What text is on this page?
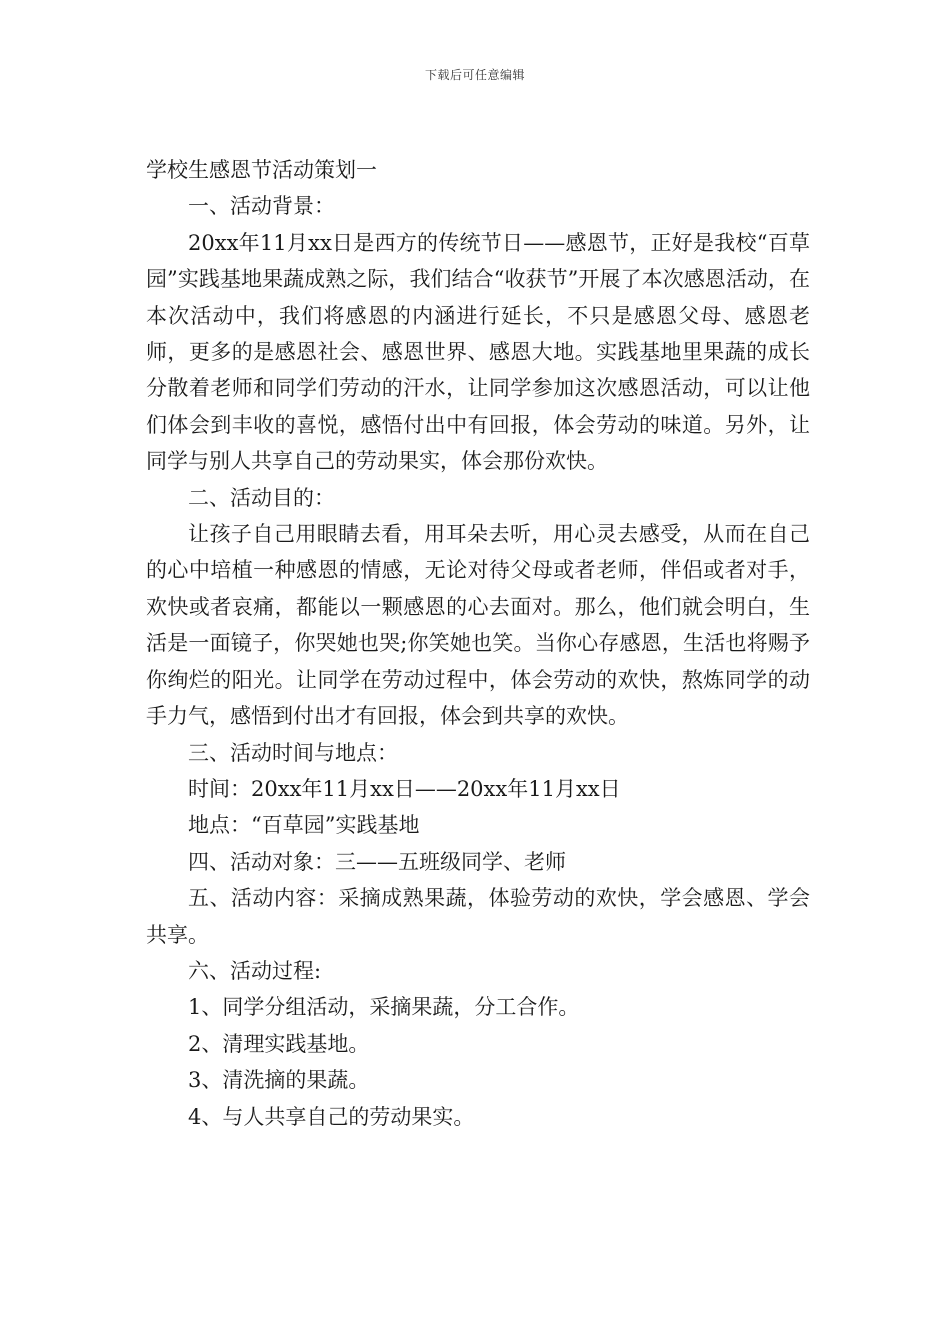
下载后可任意编辑

学校生感恩节活动策划一

一、活动背景：

20xx年11月xx日是西方的传统节日——感恩节，正好是我校“百草园”实践基地果蔬成熟之际，我们结合“收获节”开展了本次感恩活动，在本次活动中，我们将感恩的内涵进行延长，不只是感恩父母、感恩老师，更多的是感恩社会、感恩世界、感恩大地。实践基地里果蔬的成长分散着老师和同学们劳动的汗水，让同学参加这次感恩活动，可以让他们体会到丰收的喜悦，感悟付出中有回报，体会劳动的味道。另外，让同学与别人共享自己的劳动果实，体会那份欢快。

二、活动目的：

让孩子自己用眼睛去看，用耳朵去听，用心灵去感受，从而在自己的心中培植一种感恩的情感，无论对待父母或者老师，伴侣或者对手，欢快或者哀痛，都能以一颗感恩的心去面对。那么，他们就会明白，生活是一面镜子，你哭她也哭;你笑她也笑。当你心存感恩，生活也将赐予你绚烂的阳光。让同学在劳动过程中，体会劳动的欢快，熬炼同学的动手力气，感悟到付出才有回报，体会到共享的欢快。

三、活动时间与地点：

时间：20xx年11月xx日——20xx年11月xx日

地点：“百草园”实践基地

四、活动对象：三——五班级同学、老师

五、活动内容：采摘成熟果蔬，体验劳动的欢快，学会感恩、学会共享。

六、活动过程:

1、同学分组活动，采摘果蔬，分工合作。

2、清理实践基地。

3、清洗摘的果蔬。

4、与人共享自己的劳动果实。
